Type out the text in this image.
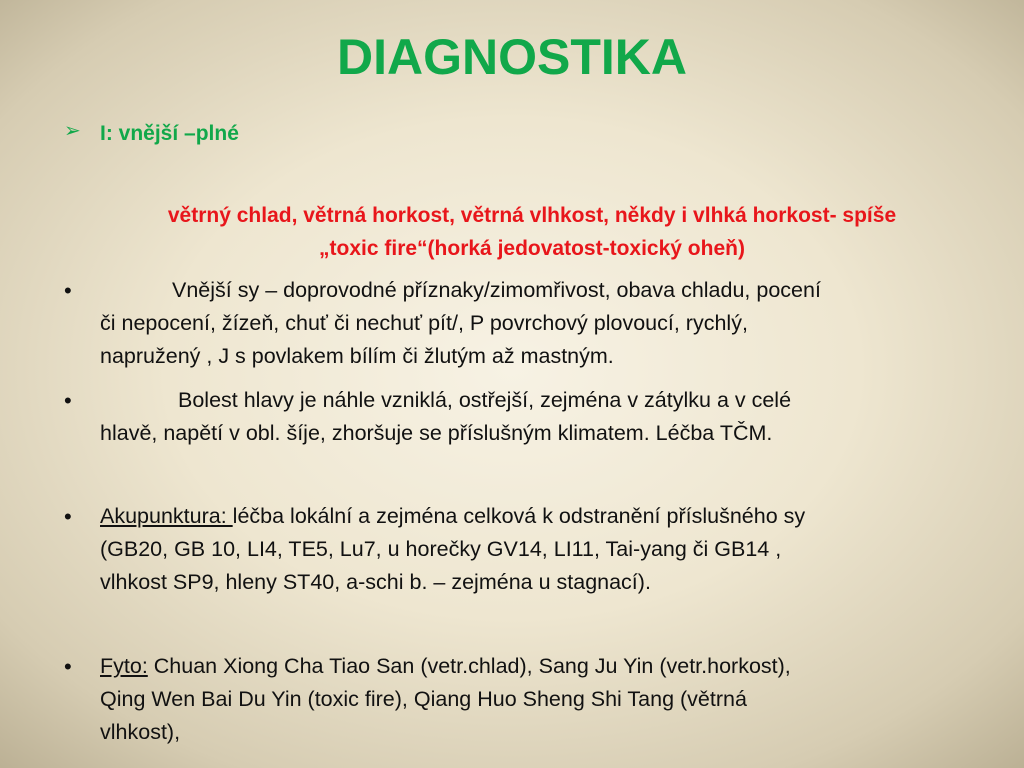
DIAGNOSTIKA
➢ I: vnější –plné
větrný chlad, větrná horkost, větrná vlhkost, někdy i vlhká horkost- spíše
„toxic fire“(horká jedovatost-toxický oheň)
•	Vnější sy – doprovodné příznaky/zimomřivost, obava chladu, pocení
či nepocení, žízeň, chuť či nechuť pít/, P povrchový plovoucí, rychlý,
napružený , J s povlakem bílím či žlutým až mastným.
•	Bolest hlavy je náhle vzniklá, ostřejší, zejména v zátylku a v celé
hlavě, napětí v obl. šíje, zhoršuje se příslušným klimatem. Léčba TČM.
• Akupunktura: léčba lokální a zejména celková k odstranění příslušného sy
(GB20, GB 10, LI4, TE5, Lu7, u horečky GV14, LI11, Tai-yang či GB14 ,
vlhkost SP9, hleny ST40, a-schi b. – zejména u stagnací).
• Fyto: Chuan Xiong Cha Tiao San (vetr.chlad), Sang Ju Yin (vetr.horkost),
Qing Wen Bai Du Yin (toxic fire), Qiang Huo Sheng Shi Tang (větrná
vlhkost),
